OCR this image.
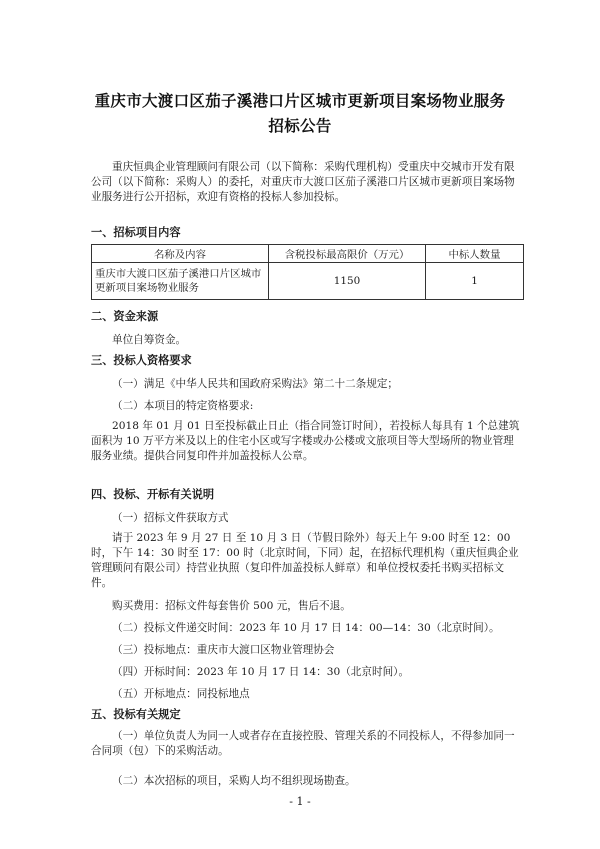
重庆市大渡口区茄子溪港口片区城市更新项目案场物业服务
招标公告
重庆恒典企业管理顾问有限公司（以下简称：采购代理机构）受重庆中交城市开发有限公司（以下简称：采购人）的委托，对重庆市大渡口区茄子溪港口片区城市更新项目案场物业服务进行公开招标，欢迎有资格的投标人参加投标。
一、招标项目内容
名称及内容	含税投标最高限价（万元）	中标人数量
重庆市大渡口区茄子溪港口片区城市更新项目案场物业服务	1150	1
二、资金来源
单位自筹资金。
三、投标人资格要求
（一）满足《中华人民共和国政府采购法》第二十二条规定；
（二）本项目的特定资格要求:
2018 年 01 月 01 日至投标截止日止（指合同签订时间），若投标人每具有 1 个总建筑面积为 10 万平方米及以上的住宅小区或写字楼或办公楼或文旅项目等大型场所的物业管理服务业绩。提供合同复印件并加盖投标人公章。
四、投标、开标有关说明
（一）招标文件获取方式
请于 2023 年 9 月 27 日 至 10 月 3 日（节假日除外）每天上午 9:00 时至 12：00 时，下午 14：30 时至 17：00 时（北京时间，下同）起，在招标代理机构（重庆恒典企业管理顾问有限公司）持营业执照（复印件加盖投标人鲜章）和单位授权委托书购买招标文件。
购买费用：招标文件每套售价 500 元，售后不退。
（二）投标文件递交时间：2023 年 10 月 17 日 14：00—14：30（北京时间）。
（三）投标地点：重庆市大渡口区物业管理协会
（四）开标时间：2023 年 10 月 17 日 14：30（北京时间）。
（五）开标地点：同投标地点
五、投标有关规定
（一）单位负责人为同一人或者存在直接控股、管理关系的不同投标人，不得参加同一合同项（包）下的采购活动。
（二）本次招标的项目，采购人均不组织现场勘查。
- 1 -
